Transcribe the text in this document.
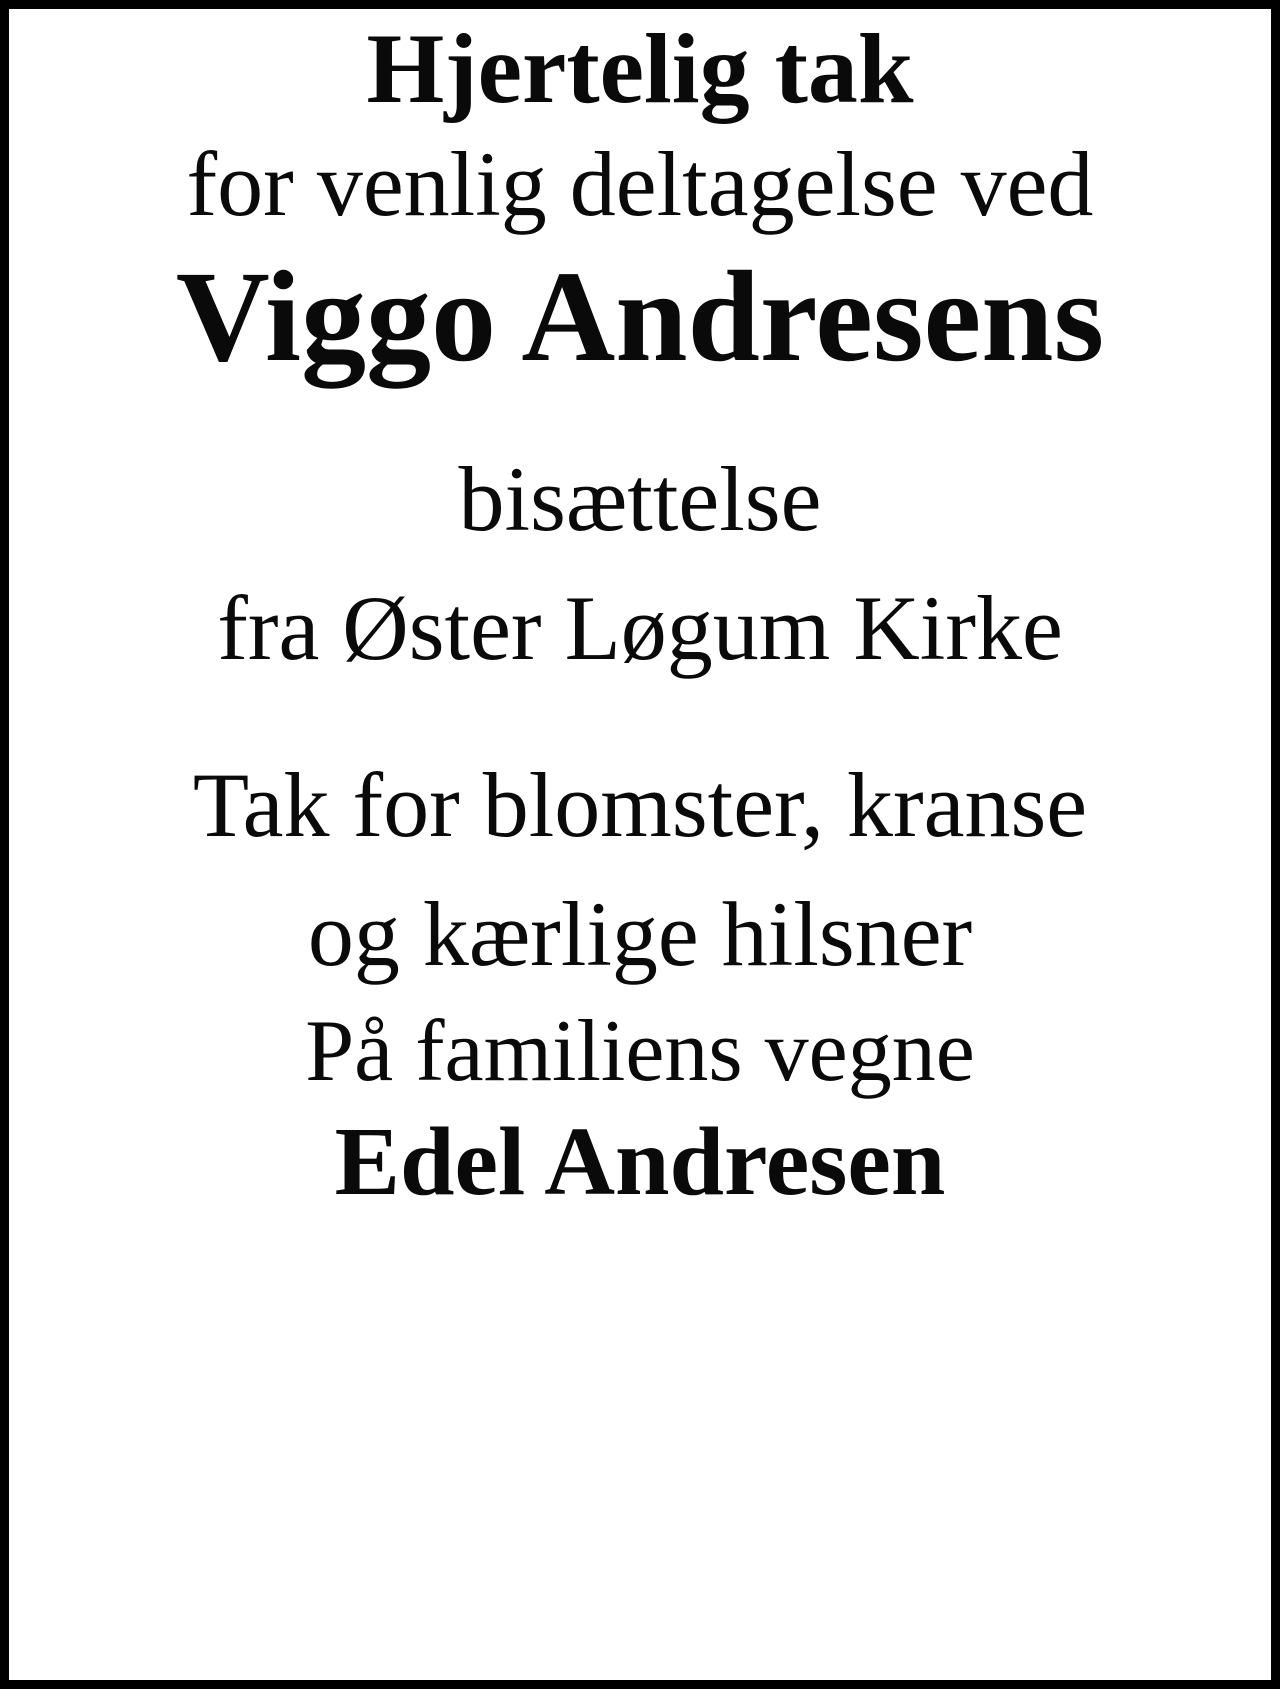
Hjertelig tak

for venlig deltagelse ved

Viggo Andresens

bisættelse

fra Øster Løgum Kirke

Tak for blomster, kranse

og kærlige hilsner

På familiens vegne

Edel Andresen
